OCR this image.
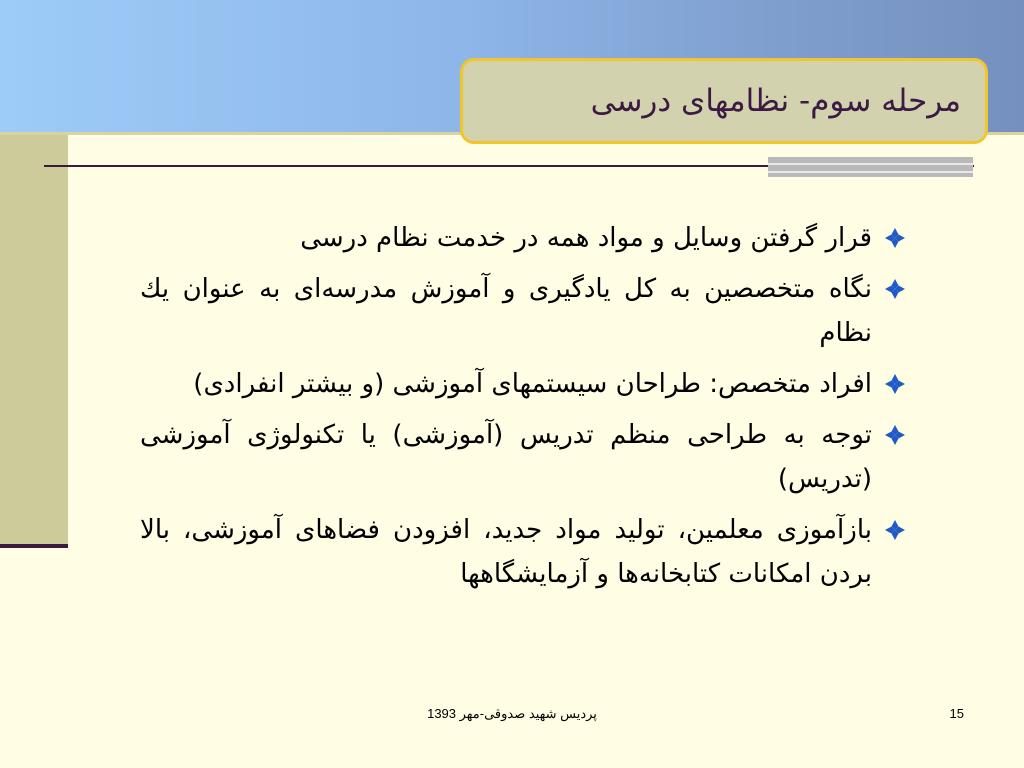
مرحله سوم- نظامهای درسی
قرار گرفتن وسایل و مواد همه در خدمت نظام درسی
نگاه متخصصین به کل یادگیری و آموزش مدرسه‌ای به عنوان يك نظام
افراد متخصص: طراحان سیستمهای آموزشی (و بیشتر انفرادی)
توجه به طراحی منظم تدریس (آموزشی) یا تکنولوژی آموزشی (تدریس)
بازآموزی معلمین، تولید مواد جدید، افزودن فضاهای آموزشی، بالا بردن امکانات کتابخانه‌ها و آزمایشگاهها
پردیس شهید صدوقی-مهر 1393	15
